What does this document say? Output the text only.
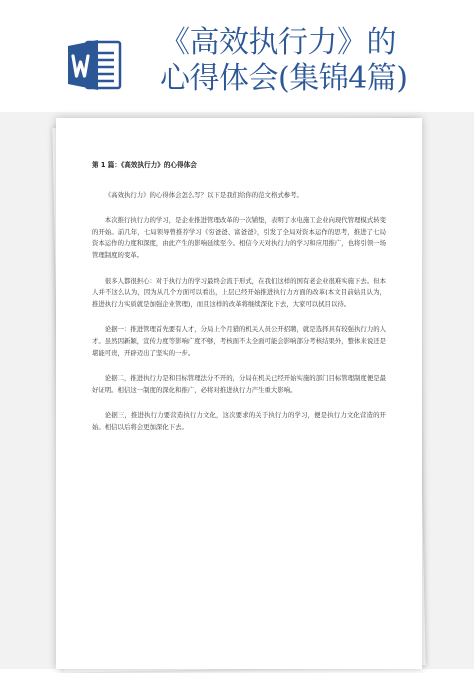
《高效执行力》的
心得体会(集锦4篇)
第 1 篇：《高效执行力》的心得体会

《高效执行力》的心得体会怎么写？以下是我们给你的范文格式参考。

本次推行执行力的学习，是企业推进管理改革的一次铺垫，表明了水电施工企业向现代管理模式转变的开始。前几年，七局领导曾推荐学习《穷爸爸、富爸爸》，引发了全局对资本运作的思考，推进了七局资本运作的力度和深度，由此产生的影响延续至今。相信今天对执行力的学习和应用推广，也将引领一场管理制度的变革。

很多人都很担心：对于执行力的学习最终会流于形式，在我们这样的国有老企业很难实施下去。但本人并不这么认为，因为从几个方面可以看出，上层已经开始推进执行力方面的改革(本文目前姑且认为，推进执行力实质就是加强企业管理)，而且这样的改革将继续深化下去，大家可以拭目以待。

论据一：推进管理首先要有人才，分局上个月猎的机关人员公开招聘，就是选择具有较强执行力的人才。虽然因新颖，宣传力度等影响广度不够，考核面不太全面可能会影响部分考核结果外，整体来说还是堪能可贵，开辟迈出了坚实的一步。

论据二，推进执行力是和目标管理法分不开的，分局在机关已经开始实施的部门目标管理制度便是最好证明。相信这一制度的深化和推广，必将对推进执行力产生重大影响。

论据三，推进执行力要营造执行力文化，这次要求的关于执行力的学习，便是执行力文化营造的开始。相信以后将会更加深化下去。
